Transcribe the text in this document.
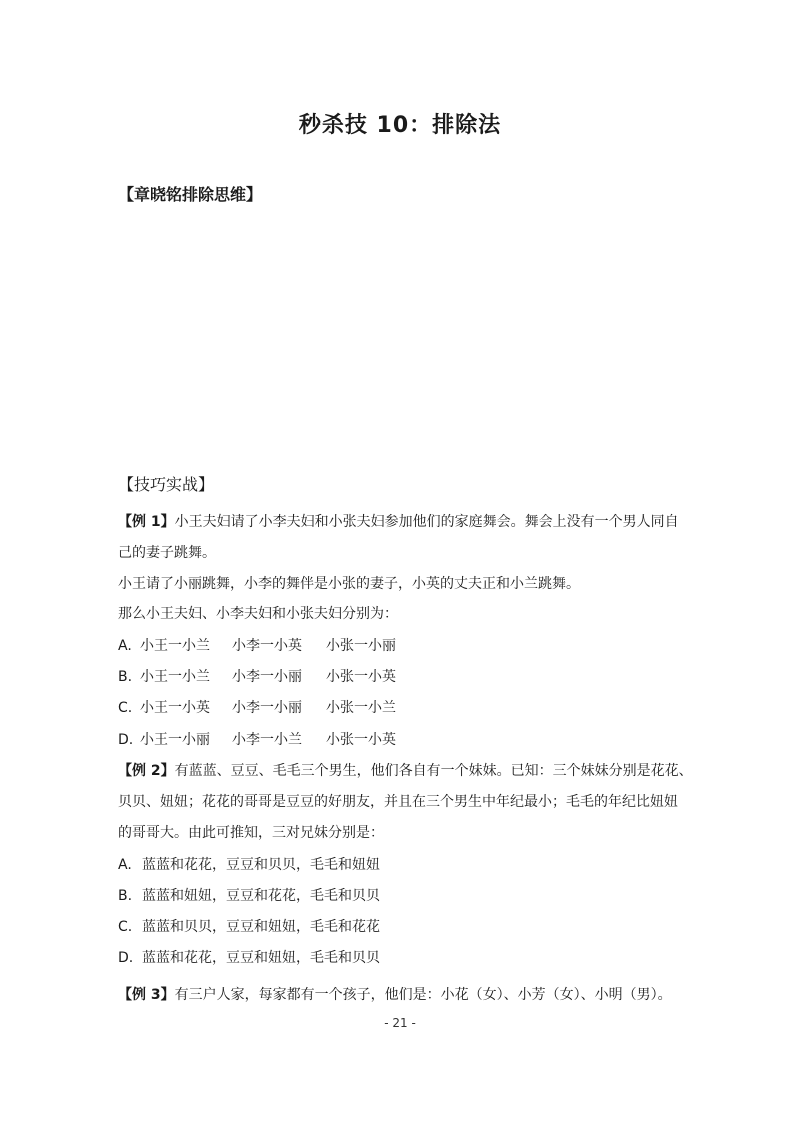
秒杀技 10：排除法
【章晓铭排除思维】
【技巧实战】
【例 1】小王夫妇请了小李夫妇和小张夫妇参加他们的家庭舞会。舞会上没有一个男人同自
己的妻子跳舞。
小王请了小丽跳舞，小李的舞伴是小张的妻子，小英的丈夫正和小兰跳舞。
那么小王夫妇、小李夫妇和小张夫妇分别为：
A. 小王一小兰 小李一小英 小张一小丽
B. 小王一小兰 小李一小丽 小张一小英
C. 小王一小英 小李一小丽 小张一小兰
D. 小王一小丽 小李一小兰 小张一小英
【例 2】有蓝蓝、豆豆、毛毛三个男生，他们各自有一个妹妹。已知：三个妹妹分别是花花、
贝贝、妞妞；花花的哥哥是豆豆的好朋友，并且在三个男生中年纪最小；毛毛的年纪比妞妞
的哥哥大。由此可推知，三对兄妹分别是：
A. 蓝蓝和花花，豆豆和贝贝，毛毛和妞妞
B. 蓝蓝和妞妞，豆豆和花花，毛毛和贝贝
C. 蓝蓝和贝贝，豆豆和妞妞，毛毛和花花
D. 蓝蓝和花花，豆豆和妞妞，毛毛和贝贝
【例 3】有三户人家，每家都有一个孩子，他们是：小花（女）、小芳（女）、小明（男）。
- 21 -
